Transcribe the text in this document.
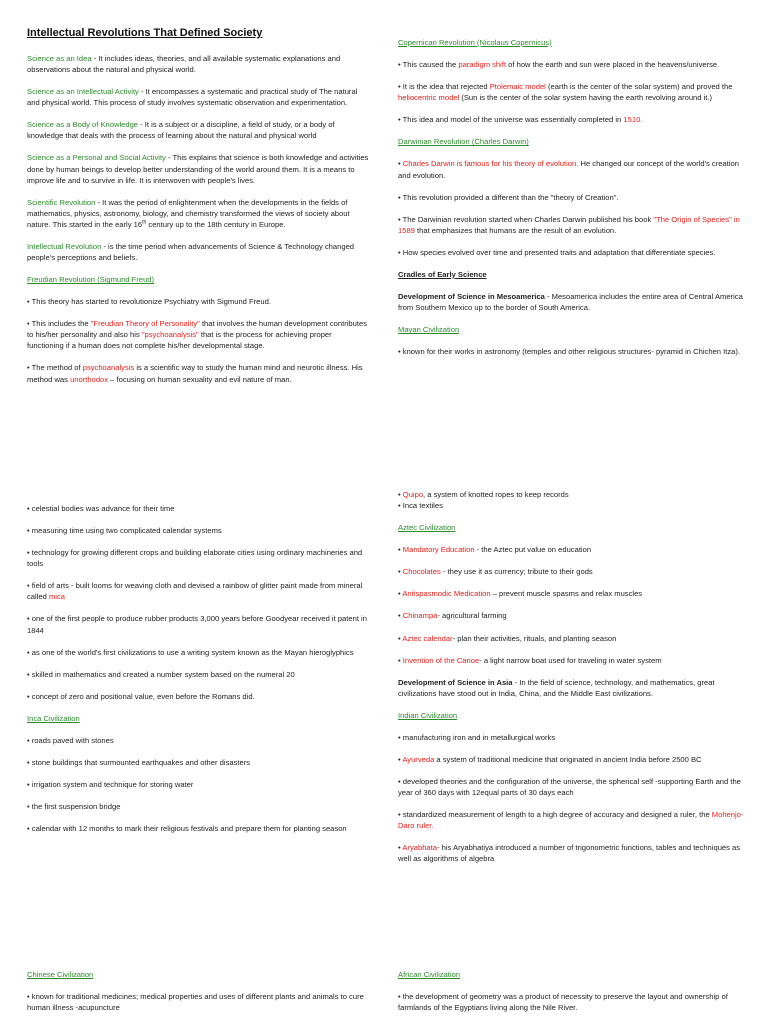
Intellectual Revolutions That Defined Society

Science as an Idea - It includes ideas, theories, and all available systematic explanations and observations about the natural and physical world.

Science as an Intellectual Activity - It encompasses a systematic and practical study of The natural and physical world. This process of study involves systematic observation and experimentation.

Science as a Body of Knowledge - It is a subject or a discipline, a field of study, or a body of knowledge that deals with the process of learning about the natural and physical world

Science as a Personal and Social Activity - This explains that science is both knowledge and activities done by human beings to develop better understanding of the world around them. It is a means to improve life and to survive in life. It is interwoven with people's lives.

Scientific Revolution - It was the period of enlightenment when the developments in the fields of mathematics, physics, astronomy, biology, and chemistry transformed the views of society about nature. This started in the early 16th century up to the 18th century in Europe.

Intellectual Revolution - is the time period when advancements of Science & Technology changed people's perceptions and beliefs.

Freudian Revolution (Sigmund Freud)

• This theory has started to revolutionize Psychiatry with Sigmund Freud.

• This includes the "Freudian Theory of Personality" that involves the human development contributes to his/her personality and also his "psychoanalysis" that is the process for achieving proper functioning if a human does not complete his/her developmental stage.

• The method of psychoanalysis is a scientific way to study the human mind and neurotic illness. His method was unorthodox – focusing on human sexuality and evil nature of man.

Copernican Revolution (Nicolaus Copernicus)

• This caused the paradigm shift of how the earth and sun were placed in the heavens/universe.

• It is the idea that rejected Ptolemaic model (earth is the center of the solar system) and proved the heliocentric model (Sun is the center of the solar system having the earth revolving around it.)

• This idea and model of the universe was essentially completed in 1510.

Darwinian Revolution (Charles Darwin)

• Charles Darwin is famous for his theory of evolution. He changed our concept of the world's creation and evolution.

• This revolution provided a different than the "theory of Creation".

• The Darwinian revolution started when Charles Darwin published his book "The Origin of Species" in 1589 that emphasizes that humans are the result of an evolution.

• How species evolved over time and presented traits and adaptation that differentiate species.

Cradles of Early Science

Development of Science in Mesoamerica - Mesoamerica includes the entire area of Central America from Southern Mexico up to the border of South America.

Mayan Civilization

• known for their works in astronomy (temples and other religious structures- pyramid in Chichen Itza).

• celestial bodies was advance for their time

• measuring time using two complicated calendar systems

• technology for growing different crops and building elaborate cities using ordinary machineries and tools

• field of arts - built looms for weaving cloth and devised a rainbow of glitter paint made from mineral called mica

• one of the first people to produce rubber products 3,000 years before Goodyear received it patent in 1844

• as one of the world's first civilizations to use a writing system known as the Mayan hieroglyphics

• skilled in mathematics and created a number system based on the numeral 20

• concept of zero and positional value, even before the Romans did.

Inca Civilization

• roads paved with stones

• stone buildings that surmounted earthquakes and other disasters

• irrigation system and technique for storing water

• the first suspension bridge

• calendar with 12 months to mark their religious festivals and prepare them for planting season

• Quipo, a system of knotted ropes to keep records

• Inca textiles

Aztec Civilization

• Mandatory Education - the Aztec put value on education

• Chocolates - they use it as currency; tribute to their gods

• Antispasmodic Medication – prevent muscle spasms and relax muscles

• Chinampa- agricultural farming

• Aztec calendar- plan their activities, rituals, and planting season

• Invention of the Canoe- a light narrow boat used for traveling in water system

Development of Science in Asia - In the field of science, technology, and mathematics, great civilizations have stood out in India, China, and the Middle East civilizations.

Indian Civilization

• manufacturing iron and in metallurgical works

• Ayurveda a system of traditional medicine that originated in ancient India before 2500 BC

• developed theories and the configuration of the universe, the spherical self -supporting Earth and the year of 360 days with 12equal parts of 30 days each

• standardized measurement of length to a high degree of accuracy and designed a ruler, the Mohenjo-Daro ruler.

• Aryabhata- his Aryabhatiya introduced a number of trigonometric functions, tables and techniques as well as algorithms of algebra

Chinese Civilization

• known for traditional medicines; medical properties and uses of different plants and animals to cure human illness -acupuncture

African Civilization

• the development of geometry was a product of necessity to preserve the layout and ownership of farmlands of the Egyptians living along the Nile River.
